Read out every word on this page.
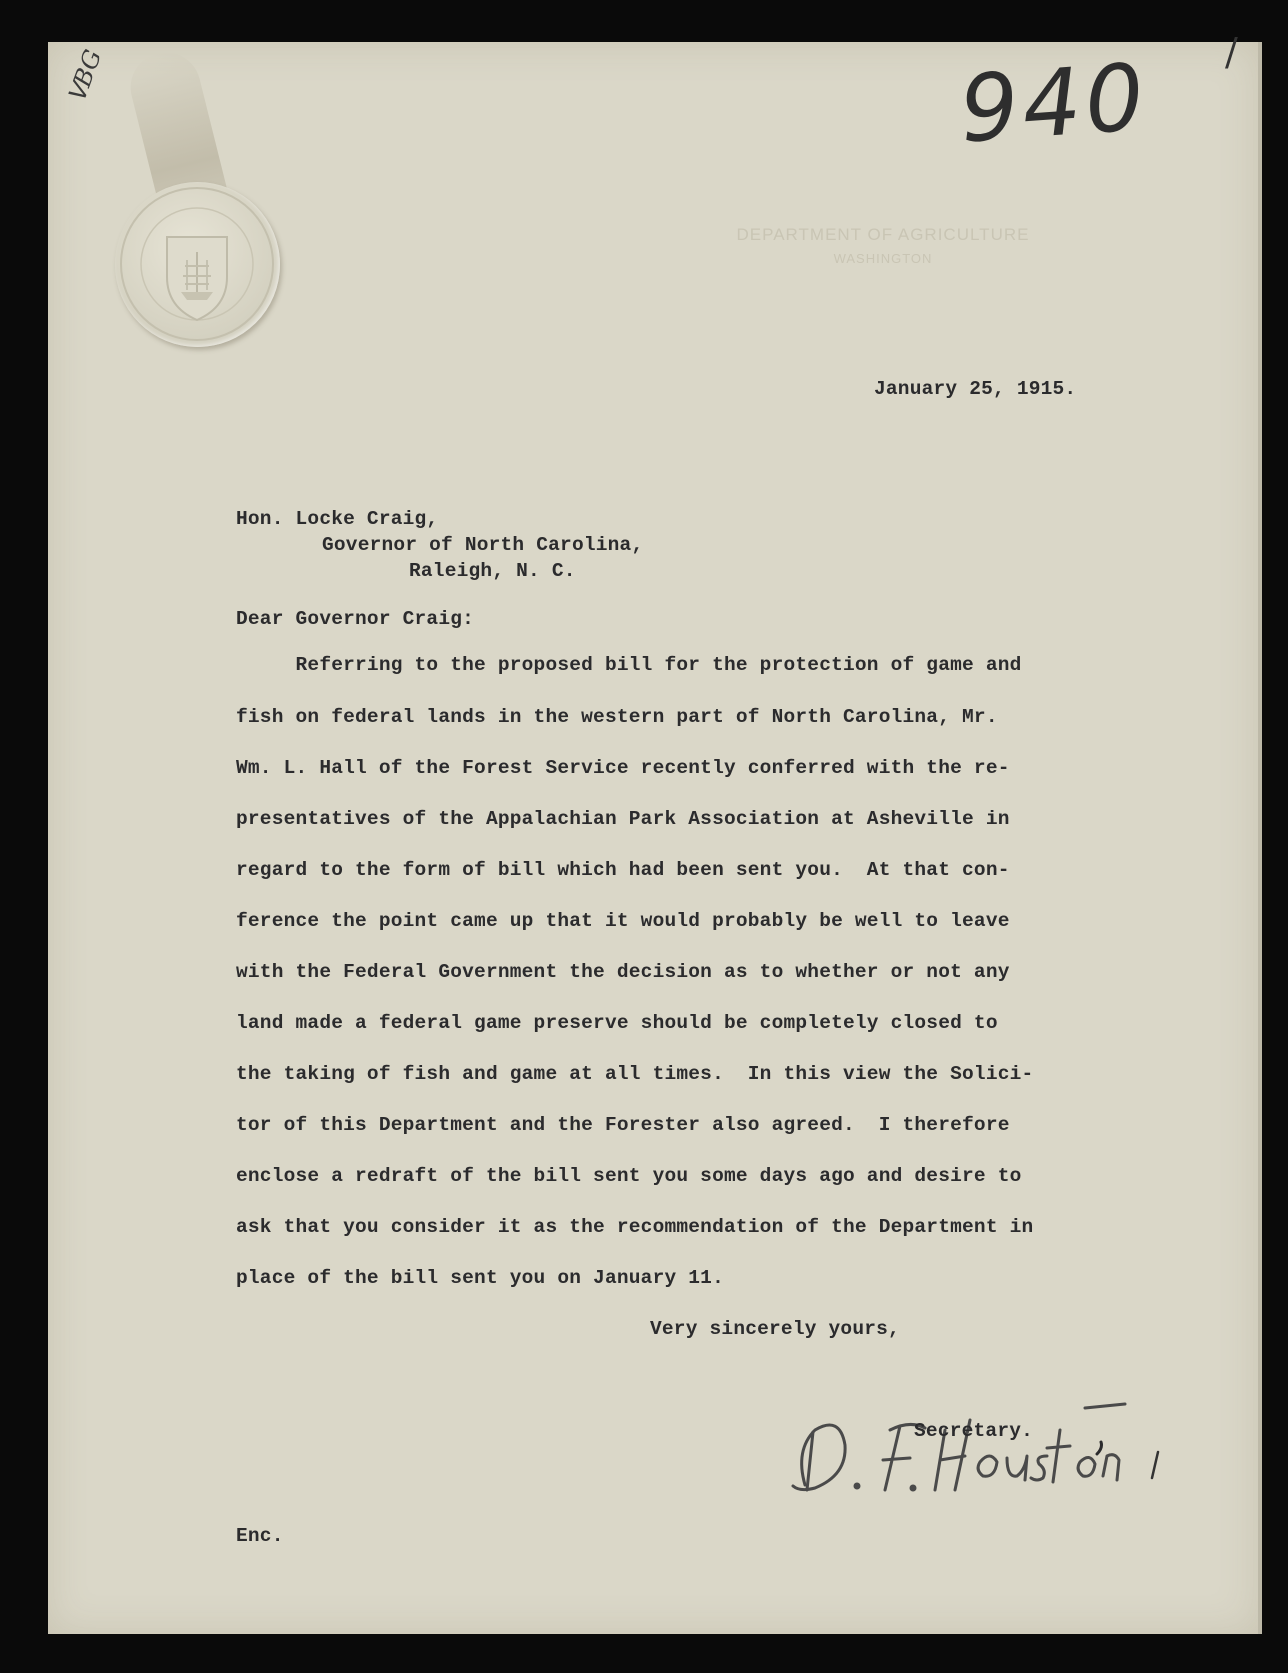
ᐯBG	/
940
DEPARTMENT OF AGRICULTURE
WASHINGTON
January 25, 1915.
Hon. Locke Craig,
Governor of North Carolina,
Raleigh, N. C.
Dear Governor Craig:
Referring to the proposed bill for the protection of game and
fish on federal lands in the western part of North Carolina, Mr.
Wm. L. Hall of the Forest Service recently conferred with the re-
presentatives of the Appalachian Park Association at Asheville in
regard to the form of bill which had been sent you.  At that con-
ference the point came up that it would probably be well to leave
with the Federal Government the decision as to whether or not any
land made a federal game preserve should be completely closed to
the taking of fish and game at all times.  In this view the Solici-
tor of this Department and the Forester also agreed.  I therefore
enclose a redraft of the bill sent you some days ago and desire to
ask that you consider it as the recommendation of the Department in
place of the bill sent you on January 11.
Very sincerely yours,
Secretary.
Enc.
